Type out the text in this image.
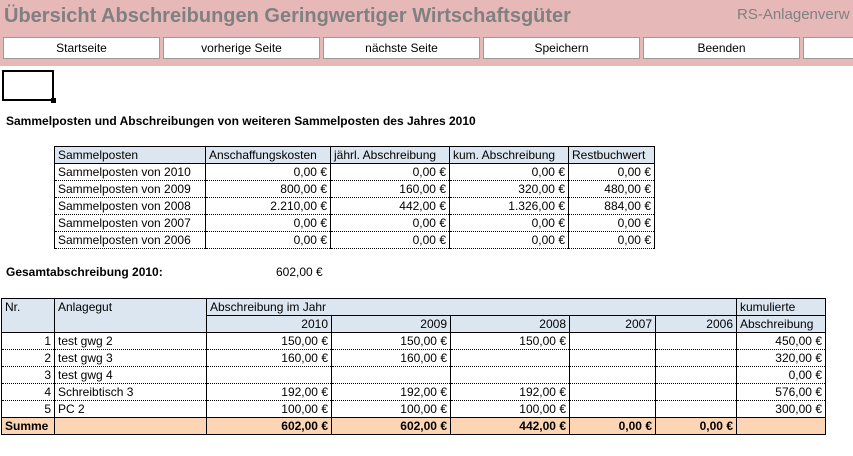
Übersicht Abschreibungen Geringwertiger Wirtschaftsgüter	RS-Anlagenverw
Startseite	vorherige Seite	nächste Seite	Speichern	Beenden
Sammelposten und Abschreibungen von weiteren Sammelposten des Jahres 2010
Sammelposten	Anschaffungskosten	jährl. Abschreibung	kum. Abschreibung	Restbuchwert
Sammelposten von 2010	0,00 €	0,00 €	0,00 €	0,00 €
Sammelposten von 2009	800,00 €	160,00 €	320,00 €	480,00 €
Sammelposten von 2008	2.210,00 €	442,00 €	1.326,00 €	884,00 €
Sammelposten von 2007	0,00 €	0,00 €	0,00 €	0,00 €
Sammelposten von 2006	0,00 €	0,00 €	0,00 €	0,00 €
Gesamtabschreibung 2010:	602,00 €
Nr.	Anlagegut	Abschreibung im Jahr					kumulierte
		2010	2009	2008	2007	2006	Abschreibung
1	test gwg 2	150,00 €	150,00 €	150,00 €			450,00 €
2	test gwg 3	160,00 €	160,00 €				320,00 €
3	test gwg 4						0,00 €
4	Schreibtisch 3	192,00 €	192,00 €	192,00 €			576,00 €
5	PC 2	100,00 €	100,00 €	100,00 €			300,00 €
Summe		602,00 €	602,00 €	442,00 €	0,00 €	0,00 €	
